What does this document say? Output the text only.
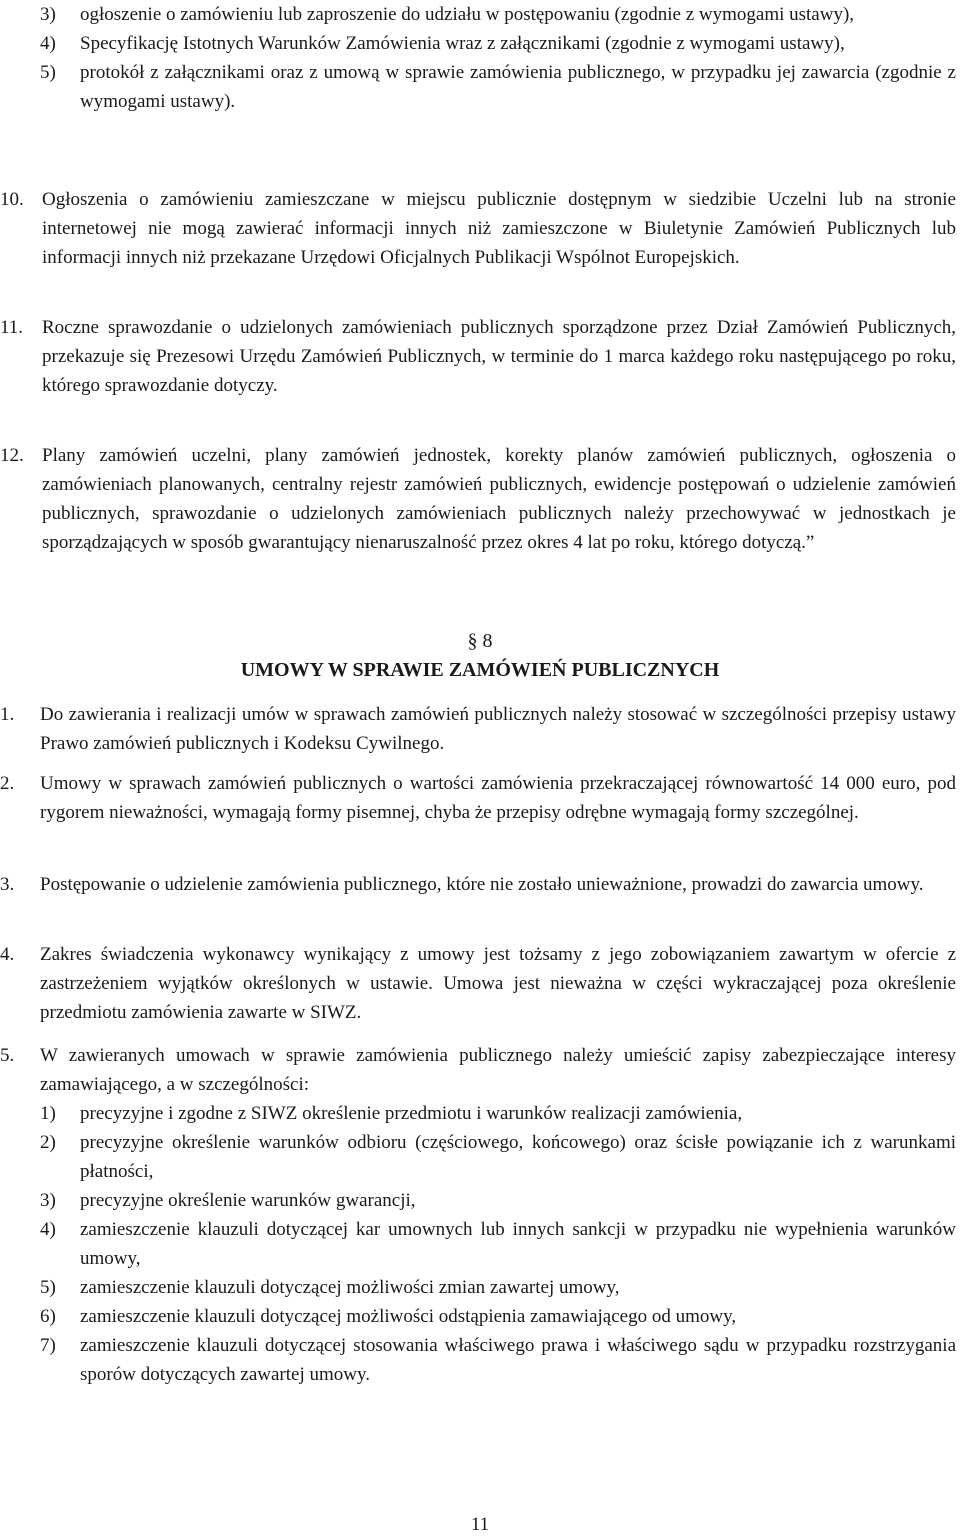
3)	ogłoszenie o zamówieniu lub zaproszenie do udziału w postępowaniu (zgodnie z wymogami ustawy),
4)	Specyfikację Istotnych Warunków Zamówienia wraz z załącznikami (zgodnie z wymogami ustawy),
5)	protokół z załącznikami oraz z umową w sprawie zamówienia publicznego, w przypadku jej zawarcia (zgodnie z wymogami ustawy).
10. Ogłoszenia o zamówieniu zamieszczane w miejscu publicznie dostępnym w siedzibie Uczelni lub na stronie internetowej nie mogą zawierać informacji innych niż zamieszczone w Biuletynie Zamówień Publicznych lub informacji innych niż przekazane Urzędowi Oficjalnych Publikacji Wspólnot Europejskich.
11. Roczne sprawozdanie o udzielonych zamówieniach publicznych sporządzone przez Dział Zamówień Publicznych, przekazuje się Prezesowi Urzędu Zamówień Publicznych, w terminie do 1 marca każdego roku następującego po roku, którego sprawozdanie dotyczy.
12. Plany zamówień uczelni, plany zamówień jednostek, korekty planów zamówień publicznych, ogłoszenia o zamówieniach planowanych, centralny rejestr zamówień publicznych, ewidencje postępowań o udzielenie zamówień publicznych, sprawozdanie o udzielonych zamówieniach publicznych należy przechowywać w jednostkach je sporządzających w sposób gwarantujący nienaruszalność przez okres 4 lat po roku, którego dotyczą.”
§ 8
UMOWY W SPRAWIE ZAMÓWIEŃ PUBLICZNYCH
1.	Do zawierania i realizacji umów w sprawach zamówień publicznych należy stosować w szczególności przepisy ustawy Prawo zamówień publicznych i Kodeksu Cywilnego.
2.	Umowy w sprawach zamówień publicznych o wartości zamówienia przekraczającej równowartość 14 000 euro, pod rygorem nieważności, wymagają formy pisemnej, chyba że przepisy odrębne wymagają formy szczególnej.
3.	Postępowanie o udzielenie zamówienia publicznego, które nie zostało unieważnione, prowadzi do zawarcia umowy.
4.	Zakres świadczenia wykonawcy wynikający z umowy jest tożsamy z jego zobowiązaniem zawartym w ofercie z zastrzeżeniem wyjątków określonych w ustawie. Umowa jest nieważna w części wykraczającej poza określenie przedmiotu zamówienia zawarte w SIWZ.
5.	W zawieranych umowach w sprawie zamówienia publicznego należy umieścić zapisy zabezpieczające interesy zamawiającego, a w szczególności:
1)	precyzyjne i zgodne z SIWZ określenie przedmiotu i warunków realizacji zamówienia,
2)	precyzyjne określenie warunków odbioru (częściowego, końcowego) oraz ścisłe powiązanie ich z warunkami płatności,
3)	precyzyjne określenie warunków gwarancji,
4)	zamieszczenie klauzuli dotyczącej kar umownych lub innych sankcji w przypadku nie wypełnienia warunków umowy,
5)	zamieszczenie klauzuli dotyczącej możliwości zmian zawartej umowy,
6)	zamieszczenie klauzuli dotyczącej możliwości odstąpienia zamawiającego od umowy,
7)	zamieszczenie klauzuli dotyczącej stosowania właściwego prawa i właściwego sądu w przypadku rozstrzygania sporów dotyczących zawartej umowy.
11
